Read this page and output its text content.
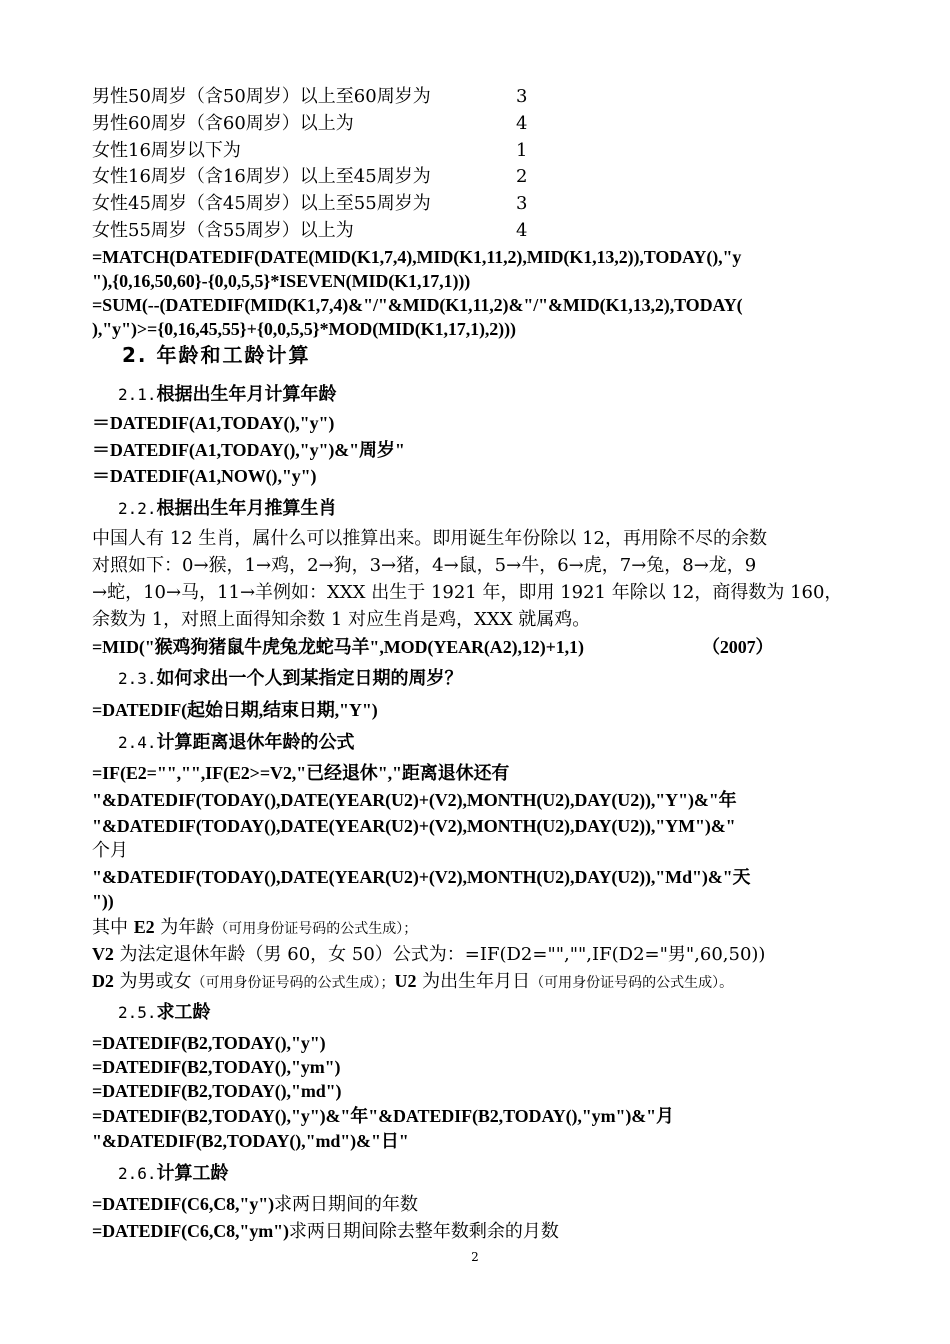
男性50周岁（含50周岁）以上至60周岁为	3
男性60周岁（含60周岁）以上为	4
女性16周岁以下为	1
女性16周岁（含16周岁）以上至45周岁为	2
女性45周岁（含45周岁）以上至55周岁为	3
女性55周岁（含55周岁）以上为	4
=MATCH(DATEDIF(DATE(MID(K1,7,4),MID(K1,11,2),MID(K1,13,2)),TODAY(),"y
"),{0,16,50,60}-{0,0,5,5}*ISEVEN(MID(K1,17,1)))
=SUM(--(DATEDIF(MID(K1,7,4)&"/"&MID(K1,11,2)&"/"&MID(K1,13,2),TODAY(
),"y")>={0,16,45,55}+{0,0,5,5}*MOD(MID(K1,17,1),2)))
2. 年龄和工龄计算
2.1.根据出生年月计算年龄
＝DATEDIF(A1,TODAY(),"y")
＝DATEDIF(A1,TODAY(),"y")&"周岁"
＝DATEDIF(A1,NOW(),"y")
2.2.根据出生年月推算生肖
中国人有 12 生肖，属什么可以推算出来。即用诞生年份除以 12，再用除不尽的余数
对照如下：0→猴，1→鸡，2→狗，3→猪，4→鼠，5→牛，6→虎，7→兔，8→龙，9
→蛇，10→马，11→羊例如：XXX 出生于 1921 年，即用 1921 年除以 12，商得数为 160，
余数为 1，对照上面得知余数 1 对应生肖是鸡，XXX 就属鸡。
=MID("猴鸡狗猪鼠牛虎兔龙蛇马羊",MOD(YEAR(A2),12)+1,1)	（2007）
2.3.如何求出一个人到某指定日期的周岁？
=DATEDIF(起始日期,结束日期,"Y")
2.4.计算距离退休年龄的公式
=IF(E2="","",IF(E2>=V2,"已经退休","距离退休还有
"&DATEDIF(TODAY(),DATE(YEAR(U2)+(V2),MONTH(U2),DAY(U2)),"Y")&"年
"&DATEDIF(TODAY(),DATE(YEAR(U2)+(V2),MONTH(U2),DAY(U2)),"YM")&"
个月
"&DATEDIF(TODAY(),DATE(YEAR(U2)+(V2),MONTH(U2),DAY(U2)),"Md")&"天
"))
其中 E2 为年龄（可用身份证号码的公式生成）；
V2 为法定退休年龄（男 60，女 50）公式为：=IF(D2="","",IF(D2="男",60,50))
D2 为男或女（可用身份证号码的公式生成）；U2 为出生年月日（可用身份证号码的公式生成）。
2.5.求工龄
=DATEDIF(B2,TODAY(),"y")
=DATEDIF(B2,TODAY(),"ym")
=DATEDIF(B2,TODAY(),"md")
=DATEDIF(B2,TODAY(),"y")&"年"&DATEDIF(B2,TODAY(),"ym")&"月
"&DATEDIF(B2,TODAY(),"md")&"日"
2.6.计算工龄
=DATEDIF(C6,C8,"y")求两日期间的年数
=DATEDIF(C6,C8,"ym")求两日期间除去整年数剩余的月数
2
